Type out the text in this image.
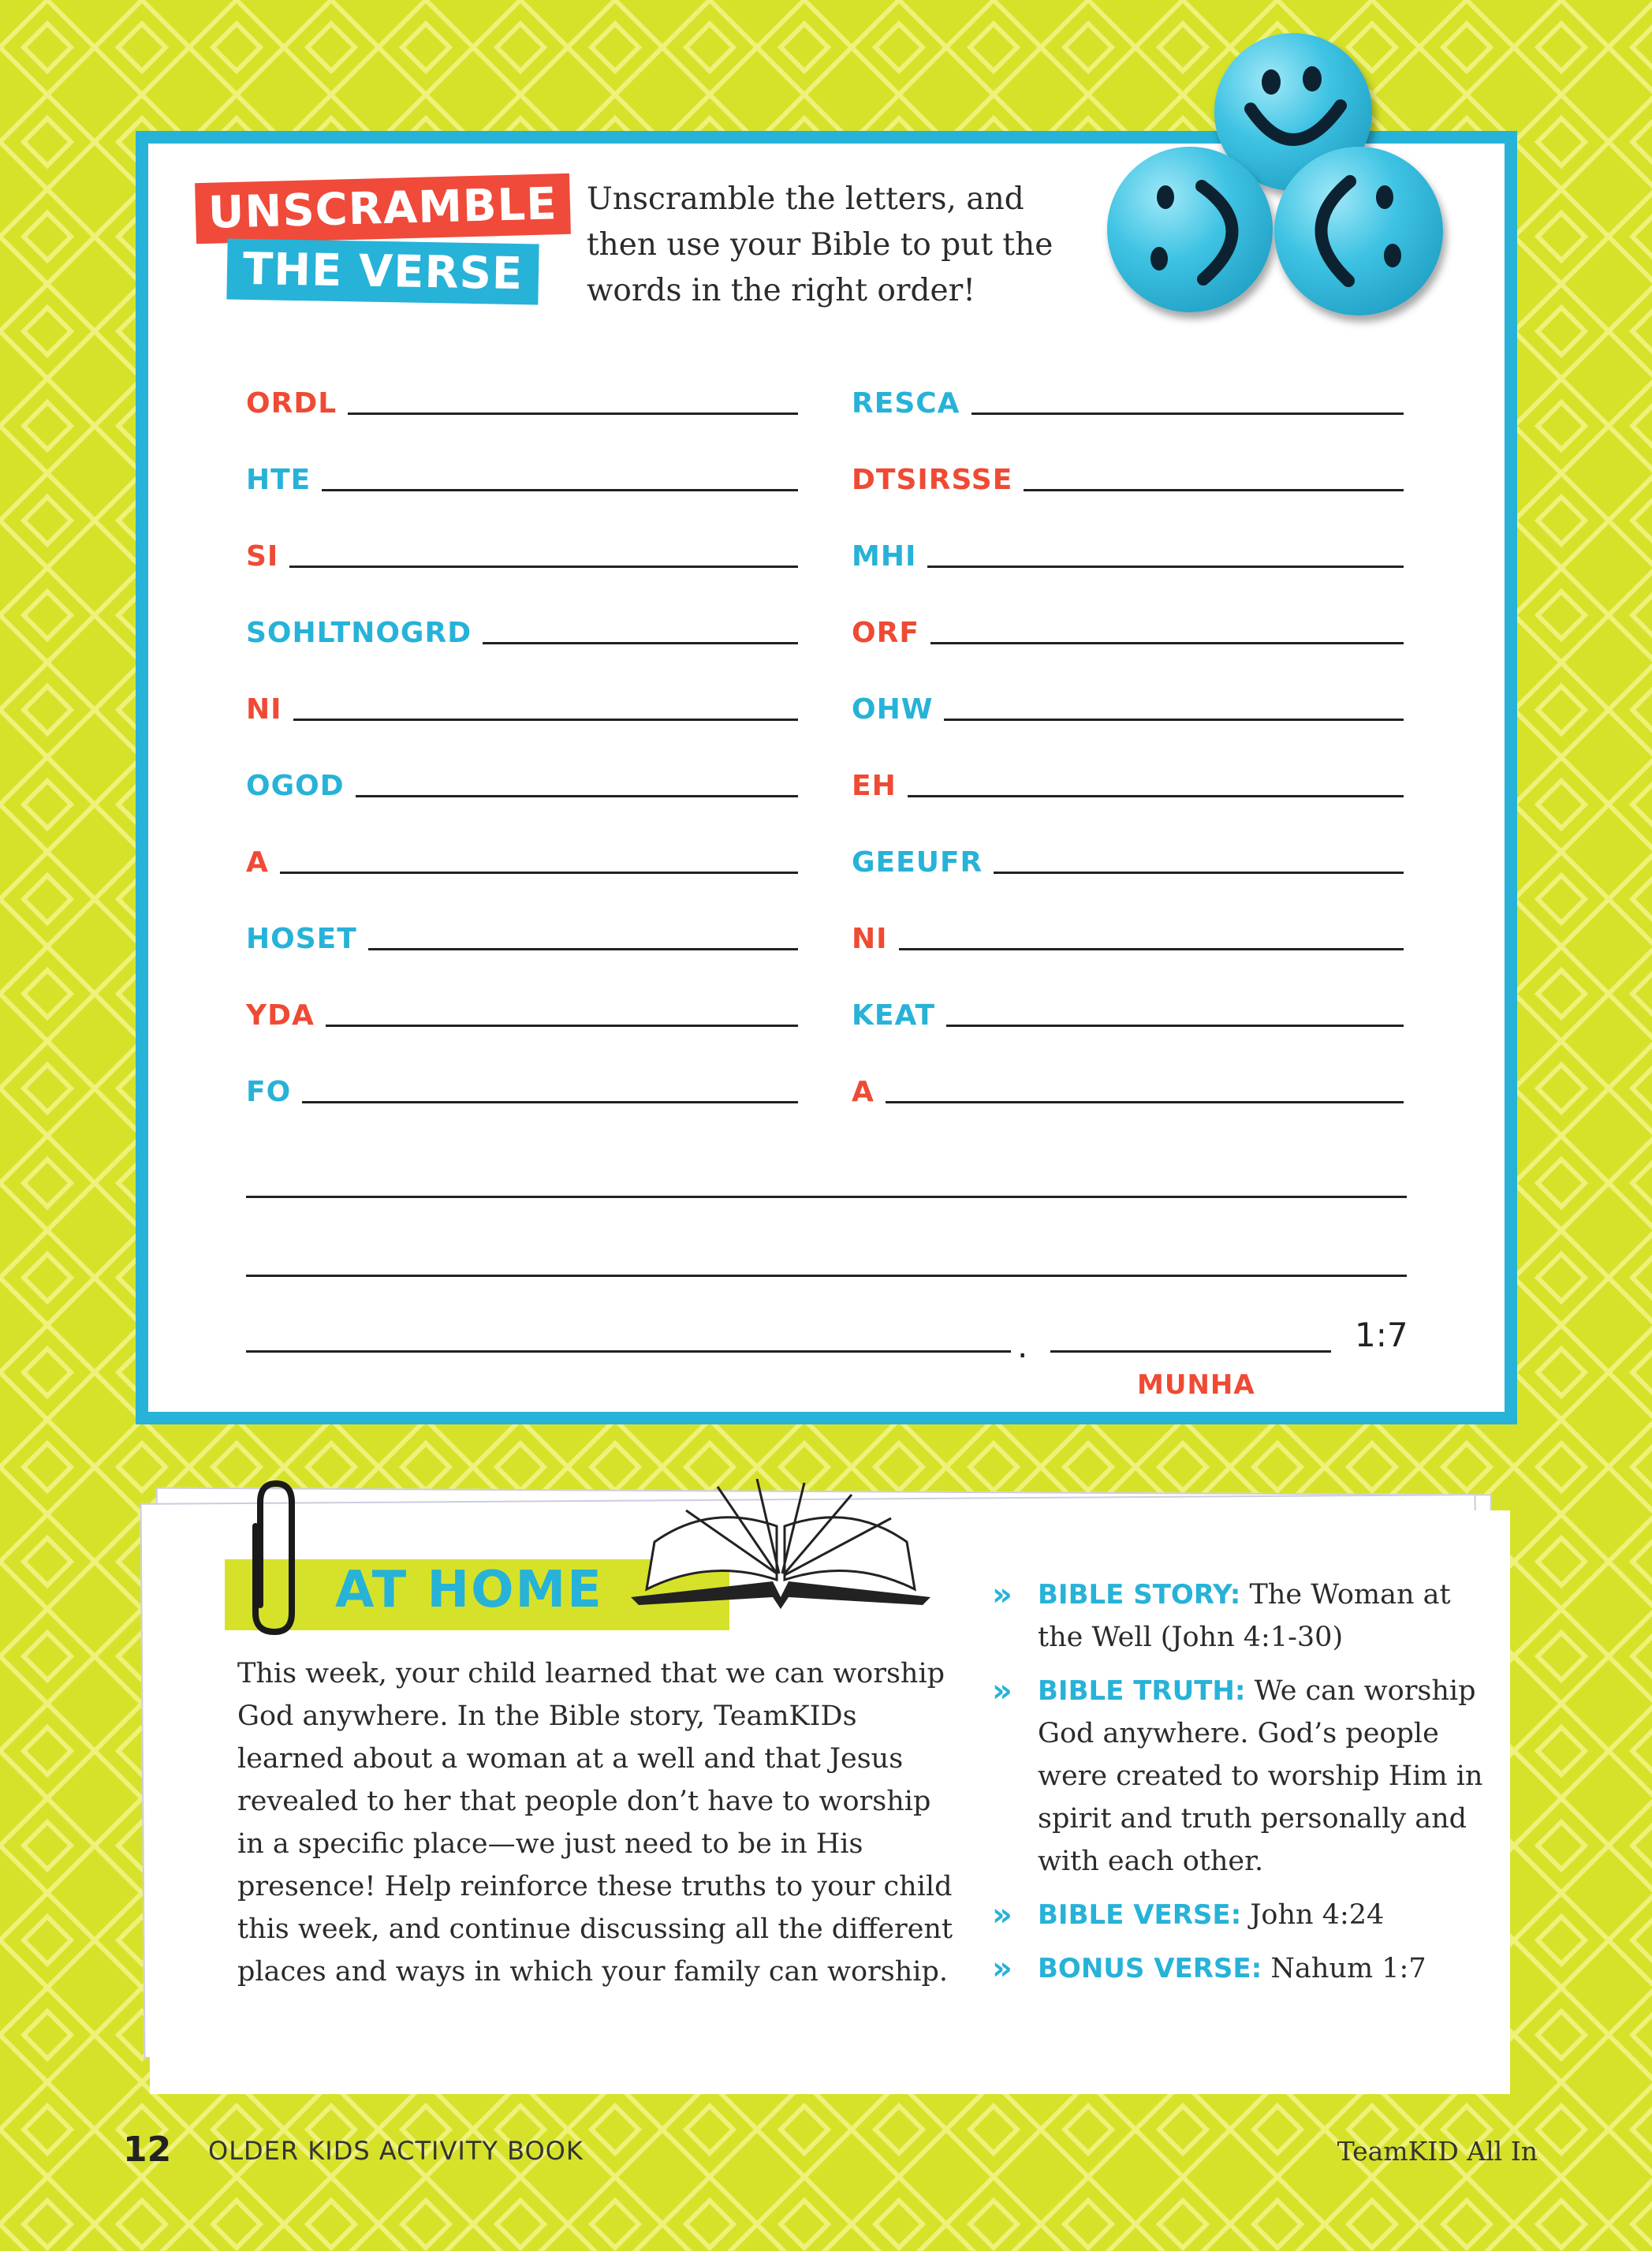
UNSCRAMBLE
THE VERSE
Unscramble the letters, and then use your Bible to put the words in the right order!
ORDL
HTE
SI
SOHLTNOGRD
NI
OGOD
A
HOSET
YDA
FO
RESCA
DTSIRSSE
MHI
ORF
OHW
EH
GEEUFR
NI
KEAT
A
.	1:7
MUNHA
AT HOME
This week, your child learned that we can worship God anywhere. In the Bible story, TeamKIDs learned about a woman at a well and that Jesus revealed to her that people don’t have to worship in a specific place—we just need to be in His presence! Help reinforce these truths to your child this week, and continue discussing all the different places and ways in which your family can worship.
» BIBLE STORY: The Woman at the Well (John 4:1-30)
» BIBLE TRUTH: We can worship God anywhere. God’s people were created to worship Him in spirit and truth personally and with each other.
» BIBLE VERSE: John 4:24
» BONUS VERSE: Nahum 1:7
12 OLDER KIDS ACTIVITY BOOK	TeamKID All In
